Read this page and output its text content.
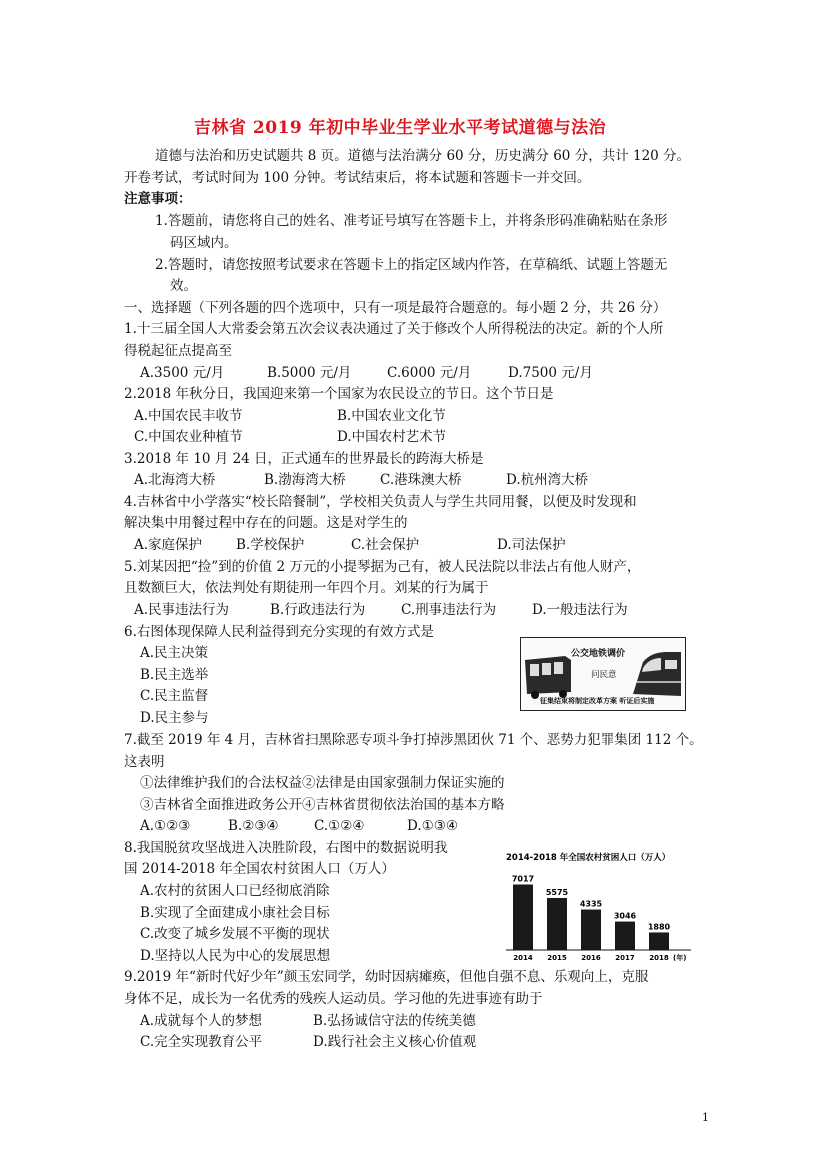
吉林省 2019 年初中毕业生学业水平考试道德与法治
道德与法治和历史试题共 8 页。道德与法治满分 60 分，历史满分 60 分，共计 120 分。
开卷考试，考试时间为 100 分钟。考试结束后，将本试题和答题卡一并交回。
注意事项：
1.答题前，请您将自己的姓名、准考证号填写在答题卡上，并将条形码准确粘贴在条形
码区域内。
2.答题时，请您按照考试要求在答题卡上的指定区域内作答，在草稿纸、试题上答题无
效。
一、选择题（下列各题的四个选项中，只有一项是最符合题意的。每小题 2 分，共 26 分）
1.十三届全国人大常委会第五次会议表决通过了关于修改个人所得税法的决定。新的个人所
得税起征点提高至
A.3500 元/月	B.5000 元/月	C.6000 元/月	D.7500 元/月
2.2018 年秋分日，我国迎来第一个国家为农民设立的节日。这个节日是
A.中国农民丰收节	B.中国农业文化节
C.中国农业种植节	D.中国农村艺术节
3.2018 年 10 月 24 日，正式通车的世界最长的跨海大桥是
A.北海湾大桥	B.渤海湾大桥	C.港珠澳大桥	D.杭州湾大桥
4.吉林省中小学落实“校长陪餐制”，学校相关负责人与学生共同用餐，以便及时发现和
解决集中用餐过程中存在的问题。这是对学生的
A.家庭保护	B.学校保护	C.社会保护	D.司法保护
5.刘某因把“捡”到的价值 2 万元的小提琴据为己有，被人民法院以非法占有他人财产，
且数额巨大，依法判处有期徒刑一年四个月。刘某的行为属于
A.民事违法行为	B.行政违法行为	C.刑事违法行为	D.一般违法行为
6.右图体现保障人民利益得到充分实现的有效方式是
A.民主决策
B.民主选举
C.民主监督
D.民主参与
公交地铁调价
问民意
征集结束将制定改革方案 听证后实施
7.截至 2019 年 4 月，吉林省扫黑除恶专项斗争打掉涉黑团伙 71 个、恶势力犯罪集团 112 个。
这表明
①法律维护我们的合法权益②法律是由国家强制力保证实施的
③吉林省全面推进政务公开④吉林省贯彻依法治国的基本方略
A.①②③	B.②③④	C.①②④	D.①③④
8.我国脱贫攻坚战进入决胜阶段，右图中的数据说明我
国 2014-2018 年全国农村贫困人口（万人）
A.农村的贫困人口已经彻底消除
B.实现了全面建成小康社会目标
C.改变了城乡发展不平衡的现状
D.坚持以人民为中心的发展思想
2014-2018 年全国农村贫困人口（万人）
7017
2014
5575
2015
4335
2016
3046
2017
1880
2018 (年)
9.2019 年“新时代好少年”颜玉宏同学，幼时因病瘫痪，但他自强不息、乐观向上，克服
身体不足，成长为一名优秀的残疾人运动员。学习他的先进事迹有助于
A.成就每个人的梦想	B.弘扬诚信守法的传统美德
C.完全实现教育公平	D.践行社会主义核心价值观
1
